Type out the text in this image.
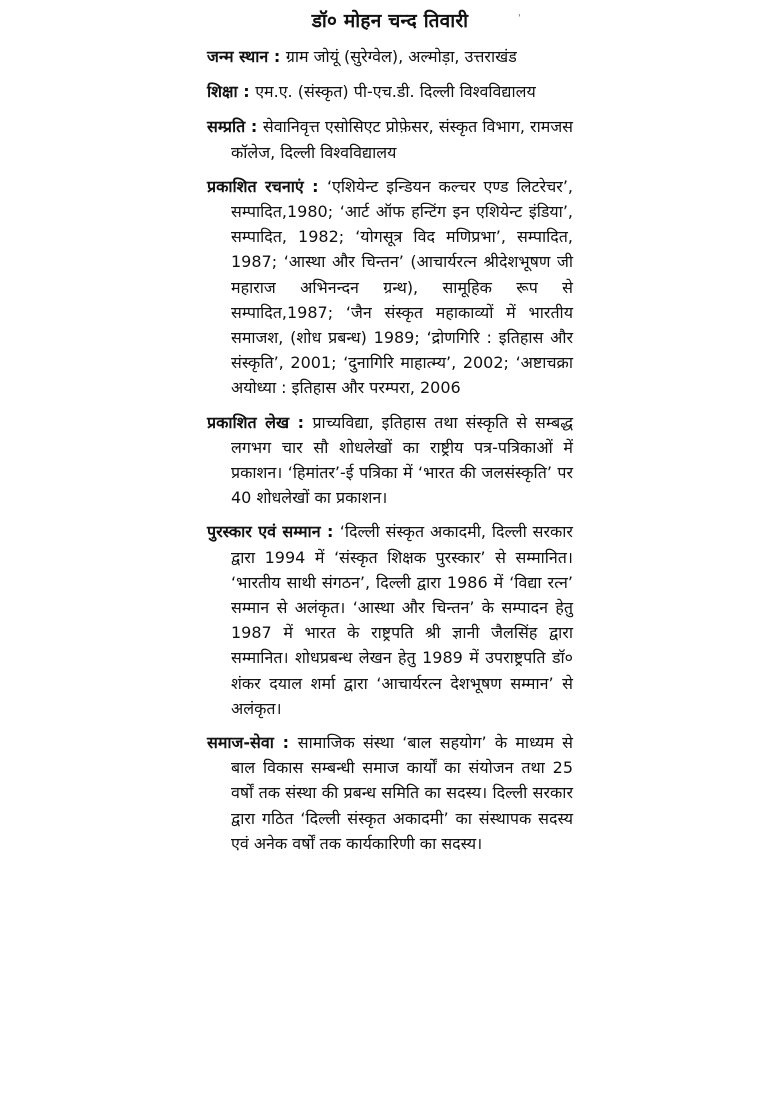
डॉ० मोहन चन्द तिवारी	ˈ

जन्म स्थान : ग्राम जोयूं (सुरेग्वेल), अल्मोड़ा, उत्तराखंड

शिक्षा : एम.ए. (संस्कृत) पी-एच.डी. दिल्ली विश्वविद्यालय

सम्प्रति : सेवानिवृत्त एसोसिएट प्रोफ़ेसर, संस्कृत विभाग, रामजस कॉलेज, दिल्ली विश्वविद्यालय

प्रकाशित रचनाएं : ‘एशियेन्ट इन्डियन कल्चर एण्ड लिटरेचर’, सम्पादित,1980; ‘आर्ट ऑफ हन्टिंग इन एशियेन्ट इंडिया’, सम्पादित, 1982; ‘योगसूत्र विद मणिप्रभा’, सम्पादित, 1987; ‘आस्था और चिन्तन’ (आचार्यरत्न श्रीदेशभूषण जी महाराज अभिनन्दन ग्रन्थ), सामूहिक रूप से सम्पादित,1987; ‘जैन संस्कृत महाकाव्यों में भारतीय समाजश, (शोध प्रबन्ध) 1989; ‘द्रोणगिरि : इतिहास और संस्कृति’, 2001; ‘दुनागिरि माहात्म्य’, 2002; ‘अष्टाचक्रा अयोध्या : इतिहास और परम्परा, 2006

प्रकाशित लेख : प्राच्यविद्या, इतिहास तथा संस्कृति से सम्बद्ध लगभग चार सौ शोधलेखों का राष्ट्रीय पत्र-पत्रिकाओं में प्रकाशन। ‘हिमांतर’-ई पत्रिका में ‘भारत की जलसंस्कृति’ पर 40 शोधलेखों का प्रकाशन।

पुरस्कार एवं सम्मान : ‘दिल्ली संस्कृत अकादमी, दिल्ली सरकार द्वारा 1994 में ‘संस्कृत शिक्षक पुरस्कार’ से सम्मानित। ‘भारतीय साथी संगठन’, दिल्ली द्वारा 1986 में ‘विद्या रत्न’ सम्मान से अलंकृत। ‘आस्था और चिन्तन’ के सम्पादन हेतु 1987 में भारत के राष्ट्रपति श्री ज्ञानी जैलसिंह द्वारा सम्मानित। शोधप्रबन्ध लेखन हेतु 1989 में उपराष्ट्रपति डॉ० शंकर दयाल शर्मा द्वारा ‘आचार्यरत्न देशभूषण सम्मान’ से अलंकृत।

समाज-सेवा : सामाजिक संस्था ‘बाल सहयोग’ के माध्यम से बाल विकास सम्बन्धी समाज कार्यों का संयोजन तथा 25 वर्षों तक संस्था की प्रबन्ध समिति का सदस्य। दिल्ली सरकार द्वारा गठित ‘दिल्ली संस्कृत अकादमी’ का संस्थापक सदस्य एवं अनेक वर्षों तक कार्यकारिणी का सदस्य।
